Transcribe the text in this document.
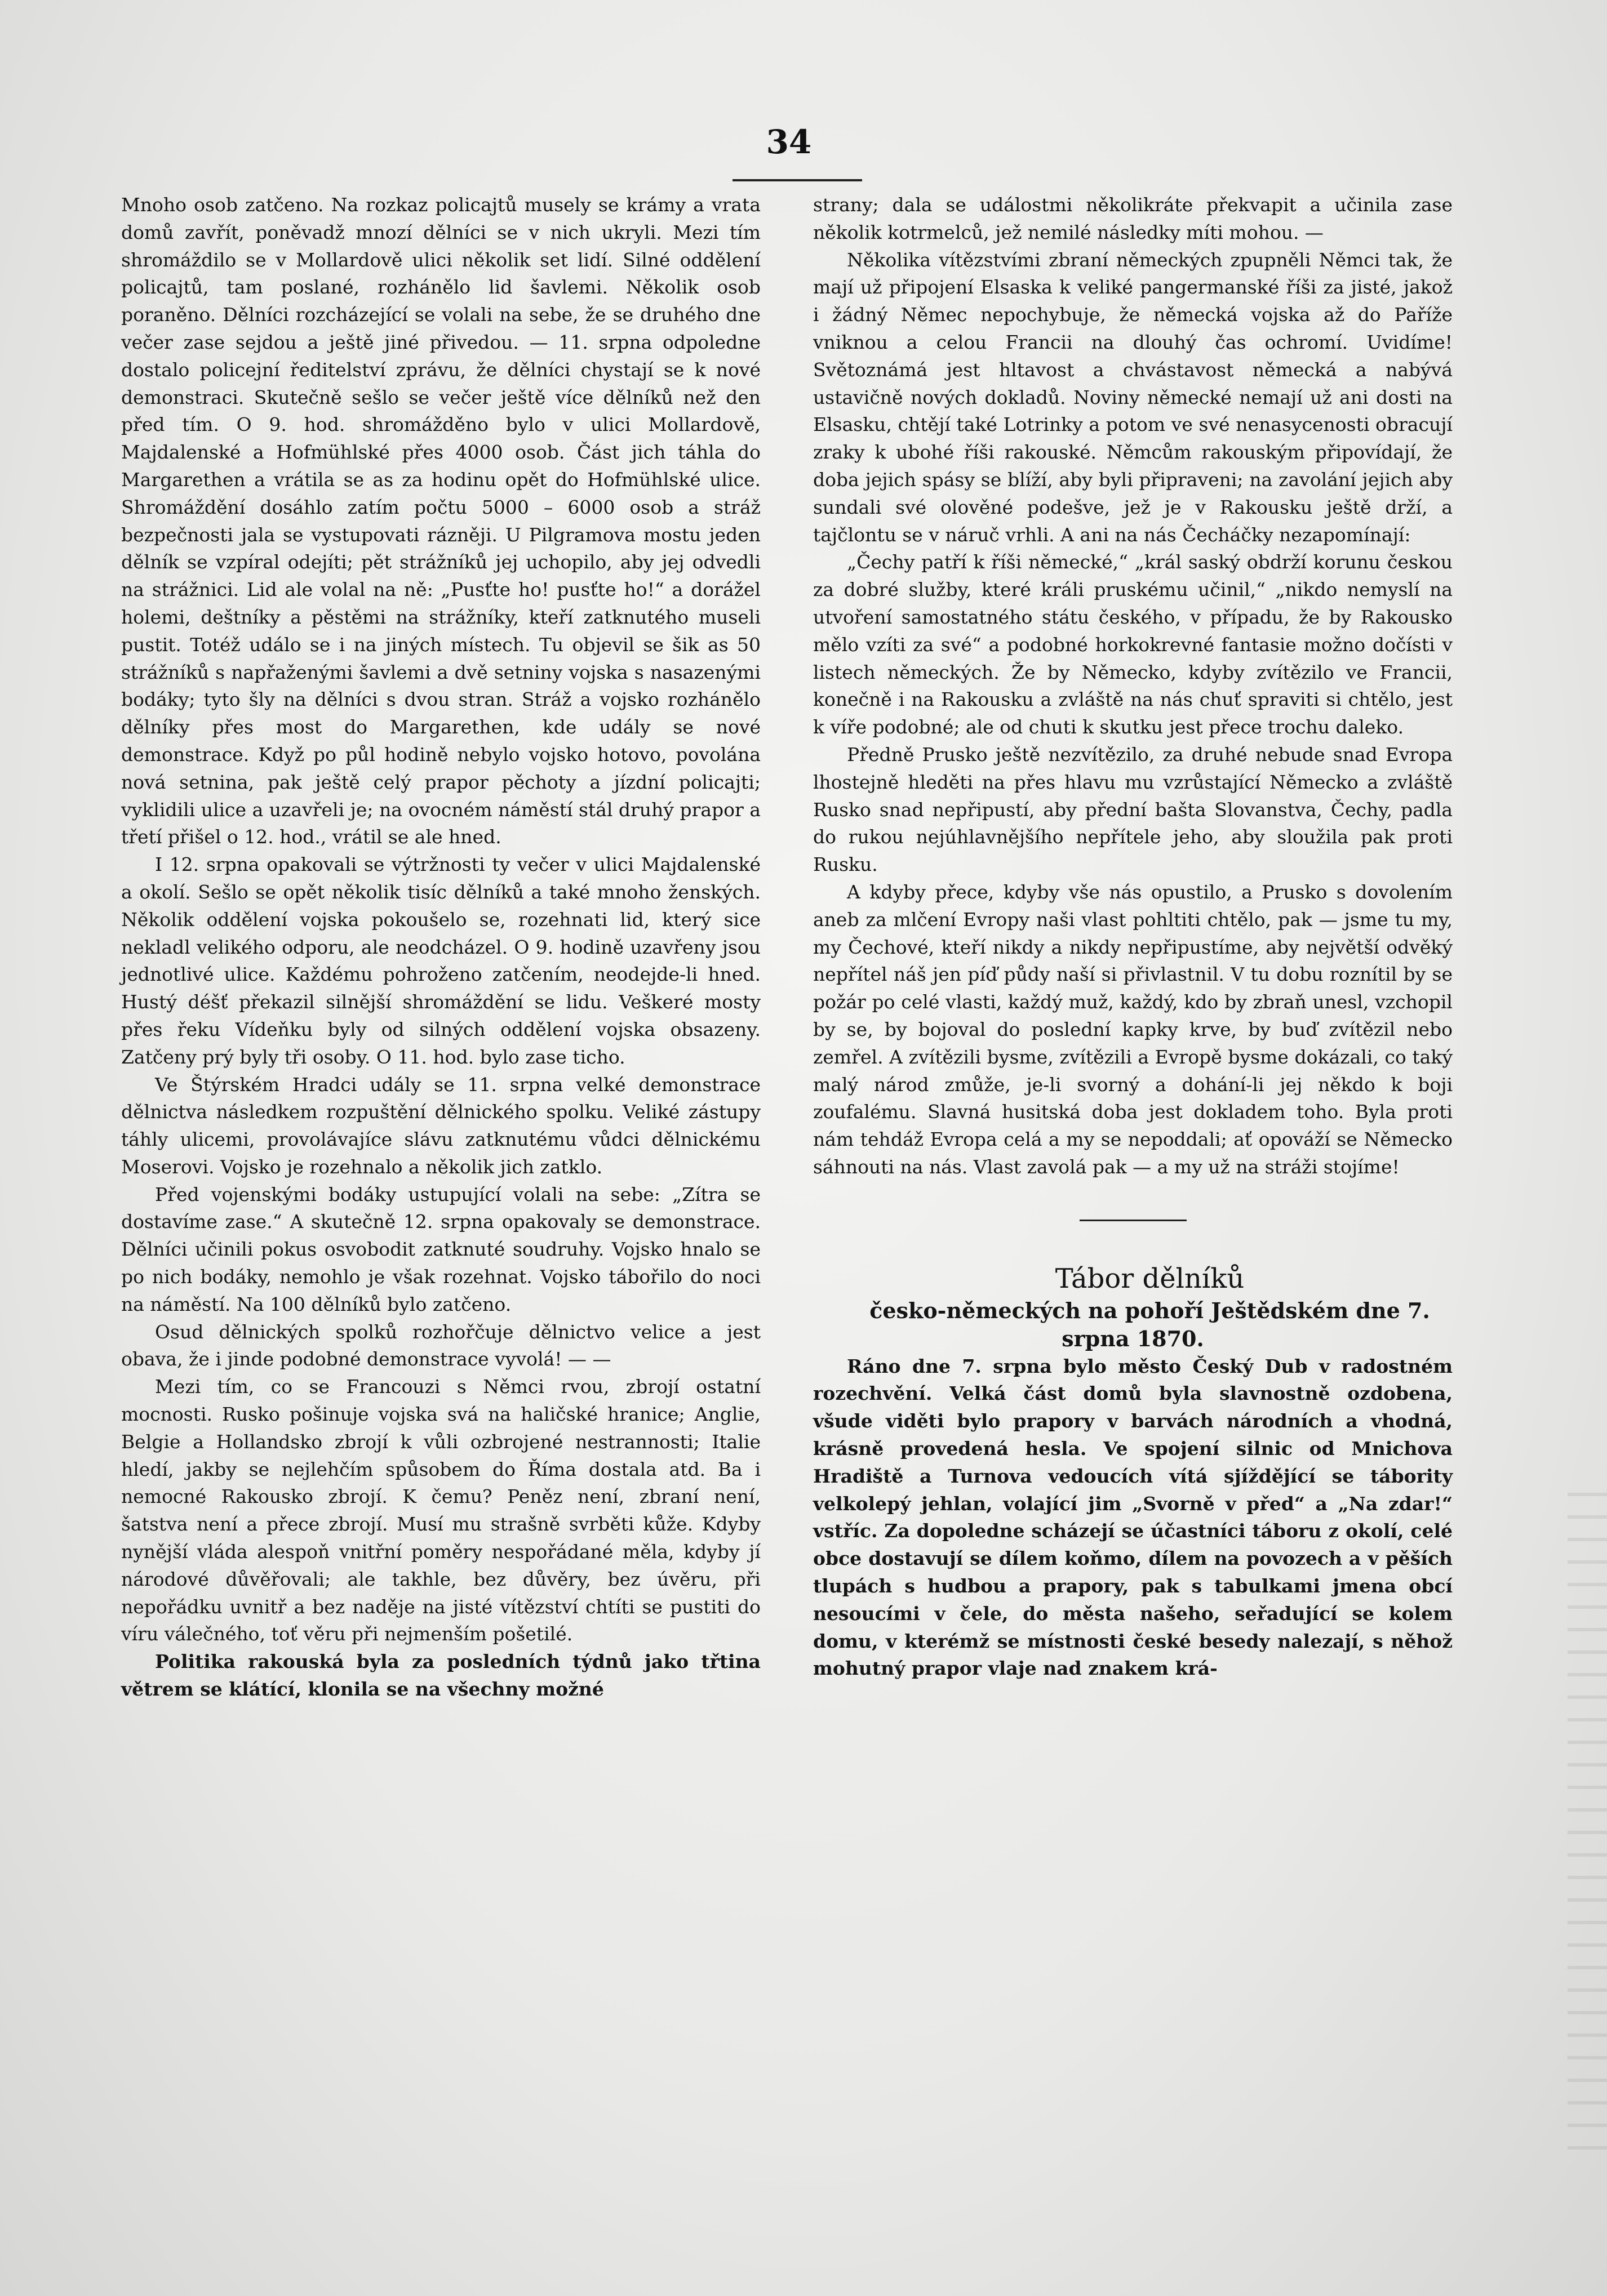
34

Mnoho osob zatčeno. Na rozkaz policajtů musely se krámy a vrata domů zavřít, poněvadž mnozí dělníci se v nich ukryli. Mezi tím shromáždilo se v Mollardově ulici několik set lidí. Silné oddělení policajtů, tam poslané, rozhánělo lid šavlemi. Několik osob poraněno. Dělníci rozcházející se volali na sebe, že se druhého dne večer zase sejdou a ještě jiné přivedou. — 11. srpna odpoledne dostalo policejní ředitelství zprávu, že dělníci chystají se k nové demonstraci. Skutečně sešlo se večer ještě více dělníků než den před tím. O 9. hod. shromážděno bylo v ulici Mollardově, Majdalenské a Hofmühlské přes 4000 osob. Část jich táhla do Margarethen a vrátila se as za hodinu opět do Hofmühlské ulice. Shromáždění dosáhlo zatím počtu 5000 – 6000 osob a stráž bezpečnosti jala se vystupovati rázněji. U Pilgramova mostu jeden dělník se vzpíral odejíti; pět strážníků jej uchopilo, aby jej odvedli na strážnici. Lid ale volal na ně: „Pusťte ho! pusťte ho!“ a dorážel holemi, deštníky a pěstěmi na strážníky, kteří zatknutého museli pustit. Totéž událo se i na jiných místech. Tu objevil se šik as 50 strážníků s napřaženými šavlemi a dvě setniny vojska s nasazenými bodáky; tyto šly na dělníci s dvou stran. Stráž a vojsko rozhánělo dělníky přes most do Margarethen, kde udály se nové demonstrace. Když po půl hodině nebylo vojsko hotovo, povolána nová setnina, pak ještě celý prapor pěchoty a jízdní policajti; vyklidili ulice a uzavřeli je; na ovocném náměstí stál druhý prapor a třetí přišel o 12. hod., vrátil se ale hned.

I 12. srpna opakovali se výtržnosti ty večer v ulici Majdalenské a okolí. Sešlo se opět několik tisíc dělníků a také mnoho ženských. Několik oddělení vojska pokoušelo se, rozehnati lid, který sice nekladl velikého odporu, ale neodcházel. O 9. hodině uzavřeny jsou jednotlivé ulice. Každému pohroženo zatčením, neodejde-li hned. Hustý déšť překazil silnější shromáždění se lidu. Veškeré mosty přes řeku Vídeňku byly od silných oddělení vojska obsazeny. Zatčeny prý byly tři osoby. O 11. hod. bylo zase ticho.

Ve Štýrském Hradci udály se 11. srpna velké demonstrace dělnictva následkem rozpuštění dělnického spolku. Veliké zástupy táhly ulicemi, provolávajíce slávu zatknutému vůdci dělnickému Moserovi. Vojsko je rozehnalo a několik jich zatklo.

Před vojenskými bodáky ustupující volali na sebe: „Zítra se dostavíme zase.“ A skutečně 12. srpna opakovaly se demonstrace. Dělníci učinili pokus osvobodit zatknuté soudruhy. Vojsko hnalo se po nich bodáky, nemohlo je však rozehnat. Vojsko tábořilo do noci na náměstí. Na 100 dělníků bylo zatčeno.

Osud dělnických spolků rozhořčuje dělnictvo velice a jest obava, že i jinde podobné demonstrace vyvolá! — —

Mezi tím, co se Francouzi s Němci rvou, zbrojí ostatní mocnosti. Rusko pošinuje vojska svá na haličské hranice; Anglie, Belgie a Hollandsko zbrojí k vůli ozbrojené nestrannosti; Italie hledí, jakby se nejlehčím spůsobem do Říma dostala atd. Ba i nemocné Rakousko zbrojí. K čemu? Peněz není, zbraní není, šatstva není a přece zbrojí. Musí mu strašně svrběti kůže. Kdyby nynější vláda alespoň vnitřní poměry nespořádané měla, kdyby jí národové důvěřovali; ale takhle, bez důvěry, bez úvěru, při nepořádku uvnitř a bez naděje na jisté vítězství chtíti se pustiti do víru válečného, toť věru při nejmenším pošetilé.

Politika rakouská byla za posledních týdnů jako třtina větrem se klátící, klonila se na všechny možné

strany; dala se událostmi několikráte překvapit a učinila zase několik kotrmelců, jež nemilé následky míti mohou. —

Několika vítězstvími zbraní německých zpupněli Němci tak, že mají už připojení Elsaska k veliké pangermanské říši za jisté, jakož i žádný Němec nepochybuje, že německá vojska až do Paříže vniknou a celou Francii na dlouhý čas ochromí. Uvidíme! Světoznámá jest hltavost a chvástavost německá a nabývá ustavičně nových dokladů. Noviny německé nemají už ani dosti na Elsasku, chtějí také Lotrinky a potom ve své nenasycenosti obracují zraky k ubohé říši rakouské. Němcům rakouským připovídají, že doba jejich spásy se blíží, aby byli připraveni; na zavolání jejich aby sundali své olověné podešve, jež je v Rakousku ještě drží, a tajčlontu se v náruč vrhli. A ani na nás Čecháčky nezapomínají:

„Čechy patří k říši německé,“ „král saský obdrží korunu českou za dobré služby, které králi pruskému učinil,“ „nikdo nemyslí na utvoření samostatného státu českého, v případu, že by Rakousko mělo vzíti za své“ a podobné horkokrevné fantasie možno dočísti v listech německých. Že by Německo, kdyby zvítězilo ve Francii, konečně i na Rakousku a zvláště na nás chuť spraviti si chtělo, jest k víře podobné; ale od chuti k skutku jest přece trochu daleko.

Předně Prusko ještě nezvítězilo, za druhé nebude snad Evropa lhostejně hleděti na přes hlavu mu vzrůstající Německo a zvláště Rusko snad nepřipustí, aby přední bašta Slovanstva, Čechy, padla do rukou nejúhlavnějšího nepřítele jeho, aby sloužila pak proti Rusku.

A kdyby přece, kdyby vše nás opustilo, a Prusko s dovolením aneb za mlčení Evropy naši vlast pohltiti chtělo, pak — jsme tu my, my Čechové, kteří nikdy a nikdy nepřipustíme, aby největší odvěký nepřítel náš jen píď půdy naší si přivlastnil. V tu dobu roznítil by se požár po celé vlasti, každý muž, každý, kdo by zbraň unesl, vzchopil by se, by bojoval do poslední kapky krve, by buď zvítězil nebo zemřel. A zvítězili bysme, zvítězili a Evropě bysme dokázali, co taký malý národ zmůže, je-li svorný a dohání-li jej někdo k boji zoufalému. Slavná husitská doba jest dokladem toho. Byla proti nám tehdáž Evropa celá a my se nepoddali; ať opováží se Německo sáhnouti na nás. Vlast zavolá pak — a my už na stráži stojíme!

Tábor dělníků

česko-německých na pohoří Ještědském dne 7. srpna 1870.

Ráno dne 7. srpna bylo město Český Dub v radostném rozechvění. Velká část domů byla slavnostně ozdobena, všude viděti bylo prapory v barvách národních a vhodná, krásně provedená hesla. Ve spojení silnic od Mnichova Hradiště a Turnova vedoucích vítá sjíždějící se tábority velkolepý jehlan, volající jim „Svorně v před“ a „Na zdar!“ vstříc. Za dopoledne scházejí se účastníci táboru z okolí, celé obce dostavují se dílem koňmo, dílem na povozech a v pěších tlupách s hudbou a prapory, pak s tabulkami jmena obcí nesoucími v čele, do města našeho, seřadující se kolem domu, v kterémž se místnosti české besedy nalezají, s něhož mohutný prapor vlaje nad znakem krá-
